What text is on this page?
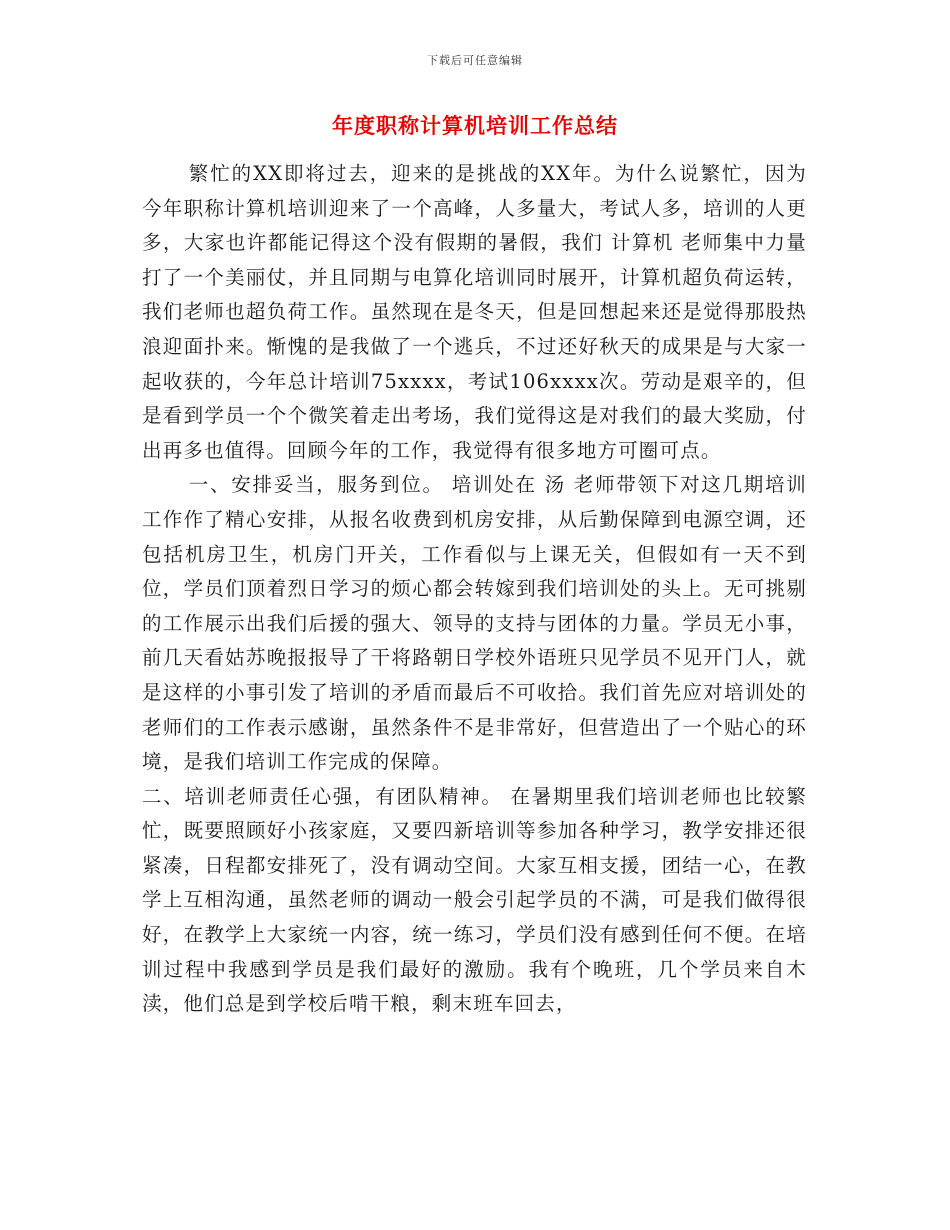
下载后可任意编辑
年度职称计算机培训工作总结

繁忙的XX即将过去，迎来的是挑战的XX年。为什么说繁忙，因为今年职称计算机培训迎来了一个高峰，人多量大，考试人多，培训的人更多，大家也许都能记得这个没有假期的暑假，我们 计算机 老师集中力量打了一个美丽仗，并且同期与电算化培训同时展开，计算机超负荷运转，我们老师也超负荷工作。虽然现在是冬天，但是回想起来还是觉得那股热浪迎面扑来。惭愧的是我做了一个逃兵，不过还好秋天的成果是与大家一起收获的，今年总计培训75xxxx，考试106xxxx次。劳动是艰辛的，但是看到学员一个个微笑着走出考场，我们觉得这是对我们的最大奖励，付出再多也值得。回顾今年的工作，我觉得有很多地方可圈可点。

一、安排妥当，服务到位。 培训处在 汤 老师带领下对这几期培训工作作了精心安排，从报名收费到机房安排，从后勤保障到电源空调，还包括机房卫生，机房门开关，工作看似与上课无关，但假如有一天不到位，学员们顶着烈日学习的烦心都会转嫁到我们培训处的头上。无可挑剔的工作展示出我们后援的强大、领导的支持与团体的力量。学员无小事，前几天看姑苏晚报报导了干将路朝日学校外语班只见学员不见开门人，就是这样的小事引发了培训的矛盾而最后不可收拾。我们首先应对培训处的老师们的工作表示感谢，虽然条件不是非常好，但营造出了一个贴心的环境，是我们培训工作完成的保障。

二、培训老师责任心强，有团队精神。 在暑期里我们培训老师也比较繁忙，既要照顾好小孩家庭，又要四新培训等参加各种学习，教学安排还很紧凑，日程都安排死了，没有调动空间。大家互相支援，团结一心，在教学上互相沟通，虽然老师的调动一般会引起学员的不满，可是我们做得很好，在教学上大家统一内容，统一练习，学员们没有感到任何不便。在培训过程中我感到学员是我们最好的激励。我有个晚班，几个学员来自木渎，他们总是到学校后啃干粮，剩末班车回去，
